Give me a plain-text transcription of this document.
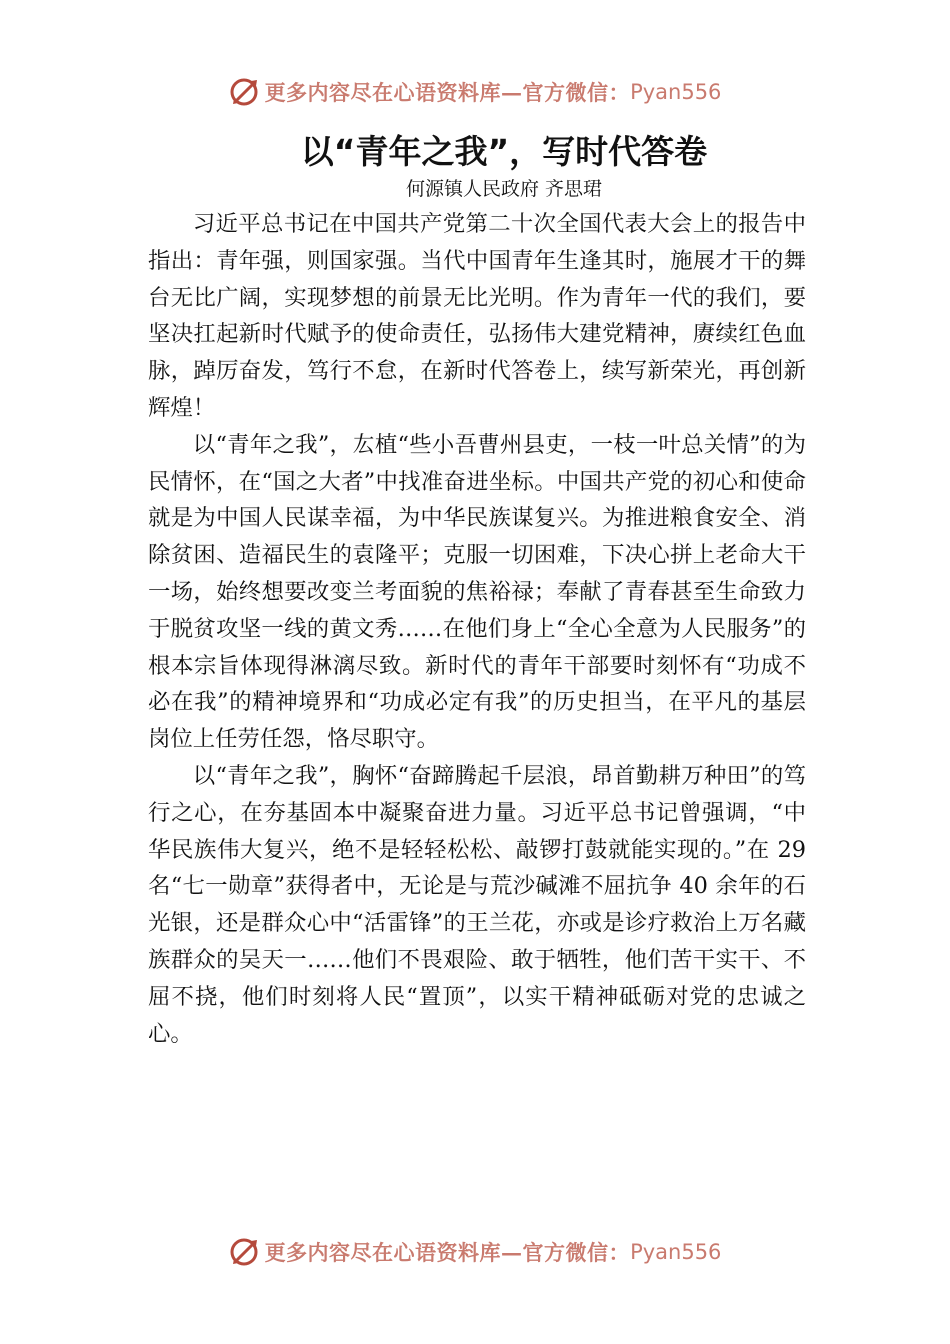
更多内容尽在心语资料库—官方微信： Pyan556
以“青年之我”，写时代答卷
何源镇人民政府 齐思珺

习近平总书记在中国共产党第二十次全国代表大会上的报告中指出：青年强，则国家强。当代中国青年生逢其时，施展才干的舞台无比广阔，实现梦想的前景无比光明。作为青年一代的我们，要坚决扛起新时代赋予的使命责任，弘扬伟大建党精神，赓续红色血脉，踔厉奋发，笃行不怠，在新时代答卷上，续写新荣光，再创新辉煌！

以“青年之我”，厷植“些小吾曹州县吏，一枝一叶总关情”的为民情怀，在“国之大者”中找准奋进坐标。中国共产党的初心和使命就是为中国人民谋幸福，为中华民族谋复兴。为推进粮食安全、消除贫困、造福民生的袁隆平；克服一切困难，下决心拼上老命大干一场，始终想要改变兰考面貌的焦裕禄；奉献了青春甚至生命致力于脱贫攻坚一线的黄文秀……在他们身上“全心全意为人民服务”的根本宗旨体现得淋漓尽致。新时代的青年干部要时刻怀有“功成不必在我”的精神境界和“功成必定有我”的历史担当，在平凡的基层岗位上任劳任怨，恪尽职守。

以“青年之我”，胸怀“奋蹄腾起千层浪，昂首勤耕万种田”的笃行之心，在夯基固本中凝聚奋进力量。习近平总书记曾强调，“中华民族伟大复兴，绝不是轻轻松松、敲锣打鼓就能实现的。”在 29 名“七一勋章”获得者中，无论是与荒沙碱滩不屈抗争 40 余年的石光银，还是群众心中“活雷锋”的王兰花，亦或是诊疗救治上万名藏族群众的吴天一……他们不畏艰险、敢于牺牲，他们苦干实干、不屈不挠，他们时刻将人民“置顶”，以实干精神砥砺对党的忠诚之心。

更多内容尽在心语资料库—官方微信： Pyan556
